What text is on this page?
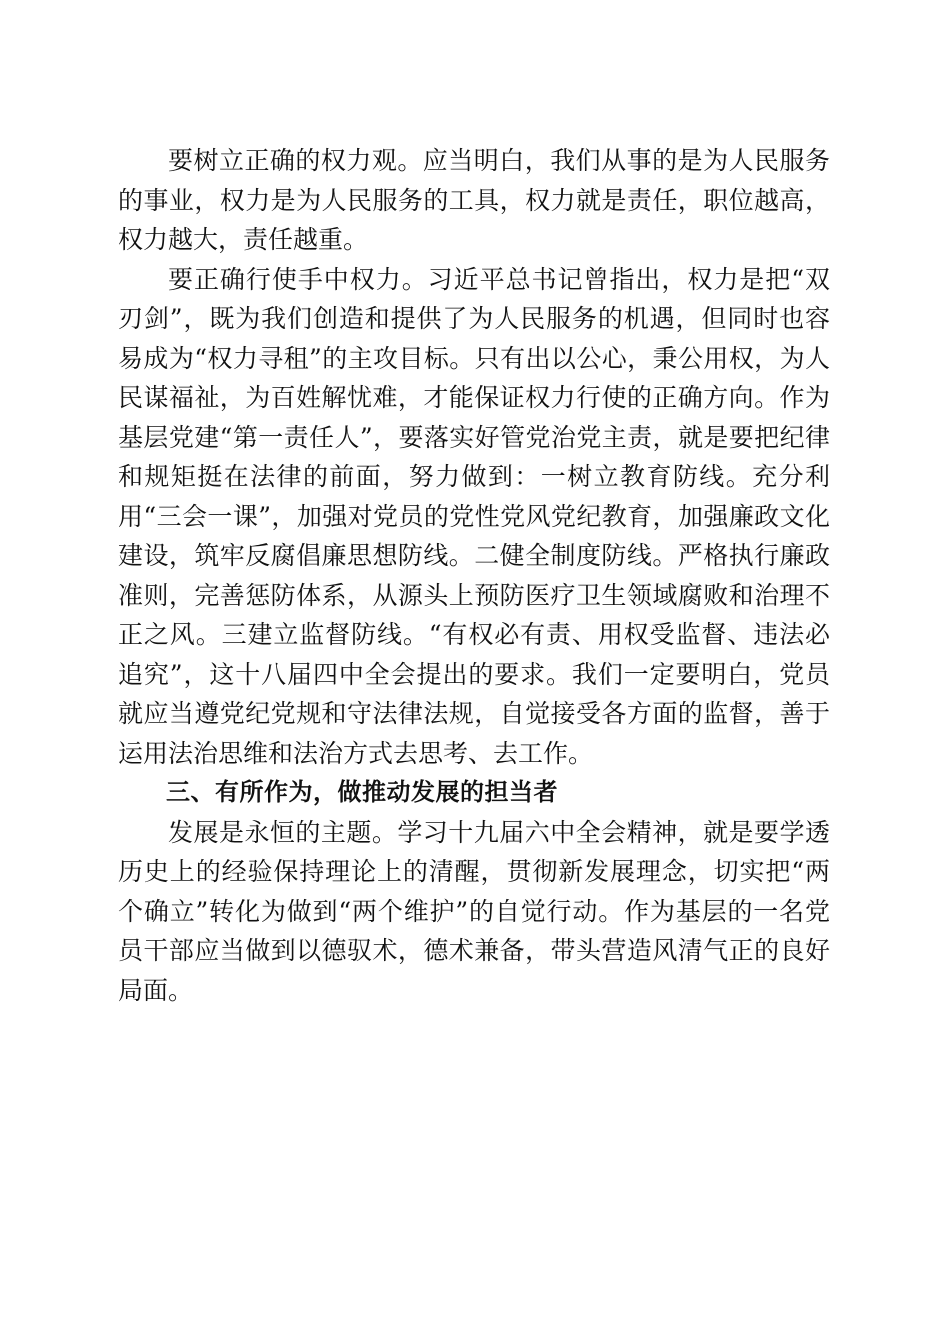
要树立正确的权力观。应当明白，我们从事的是为人民服务的事业，权力是为人民服务的工具，权力就是责任，职位越高，权力越大，责任越重。

要正确行使手中权力。习近平总书记曾指出，权力是把“双刃剑”，既为我们创造和提供了为人民服务的机遇，但同时也容易成为“权力寻租”的主攻目标。只有出以公心，秉公用权，为人民谋福祉，为百姓解忧难，才能保证权力行使的正确方向。作为基层党建“第一责任人”，要落实好管党治党主责，就是要把纪律和规矩挺在法律的前面，努力做到：一树立教育防线。充分利用“三会一课”，加强对党员的党性党风党纪教育，加强廉政文化建设，筑牢反腐倡廉思想防线。二健全制度防线。严格执行廉政准则，完善惩防体系，从源头上预防医疗卫生领域腐败和治理不正之风。三建立监督防线。“有权必有责、用权受监督、违法必追究”，这十八届四中全会提出的要求。我们一定要明白，党员就应当遵党纪党规和守法律法规，自觉接受各方面的监督，善于运用法治思维和法治方式去思考、去工作。

三、有所作为，做推动发展的担当者

发展是永恒的主题。学习十九届六中全会精神，就是要学透历史上的经验保持理论上的清醒，贯彻新发展理念，切实把“两个确立”转化为做到“两个维护”的自觉行动。作为基层的一名党员干部应当做到以德驭术，德术兼备，带头营造风清气正的良好局面。
